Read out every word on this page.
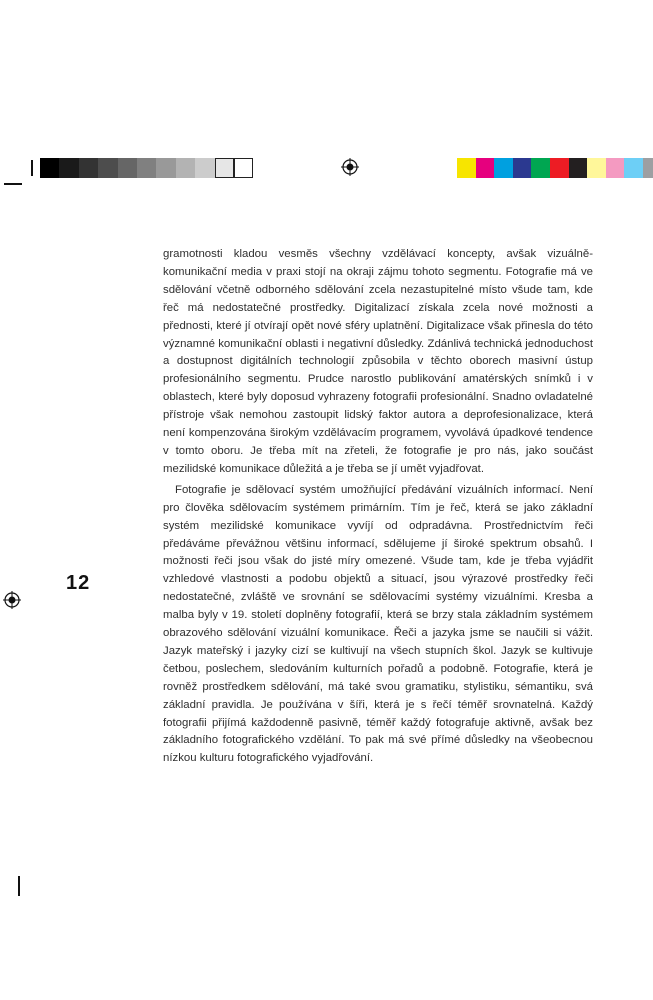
12

gramotnosti kladou vesměs všechny vzdělávací koncepty, avšak vizuálně-komunikační media v praxi stojí na okraji zájmu tohoto segmentu. Fotografie má ve sdělování včetně odborného sdělování zcela nezastupitelné místo všude tam, kde řeč má nedostatečné prostředky. Digitalizací získala zcela nové možnosti a přednosti, které jí otvírají opět nové sféry uplatnění. Digitalizace však přinesla do této významné komunikační oblasti i negativní důsledky. Zdánlivá technická jednoduchost a dostupnost digitálních technologií způsobila v těchto oborech masivní ústup profesionálního segmentu. Prudce narostlo publikování amatérských snímků i v oblastech, které byly doposud vyhrazeny fotografii profesionální. Snadno ovladatelné přístroje však nemohou zastoupit lidský faktor autora a deprofesionalizace, která není kompenzována širokým vzdělávacím programem, vyvolává úpadkové tendence v tomto oboru. Je třeba mít na zřeteli, že fotografie je pro nás, jako součást mezilidské komunikace důležitá a je třeba se jí umět vyjadřovat.

Fotografie je sdělovací systém umožňující předávání vizuálních informací. Není pro člověka sdělovacím systémem primárním. Tím je řeč, která se jako základní systém mezilidské komunikace vyvíjí od odpradávna. Prostřednictvím řeči předáváme převážnou většinu informací, sdělujeme jí široké spektrum obsahů. I možnosti řeči jsou však do jisté míry omezené. Všude tam, kde je třeba vyjádřit vzhledové vlastnosti a podobu objektů a situací, jsou výrazové prostředky řeči nedostatečné, zvláště ve srovnání se sdělovacími systémy vizuálními. Kresba a malba byly v 19. století doplněny fotografií, která se brzy stala základním systémem obrazového sdělování vizuální komunikace. Řeči a jazyka jsme se naučili si vážit. Jazyk mateřský i jazyky cizí se kultivují na všech stupních škol. Jazyk se kultivuje četbou, poslechem, sledováním kulturních pořadů a podobně. Fotografie, která je rovněž prostředkem sdělování, má také svou gramatiku, stylistiku, sémantiku, svá základní pravidla. Je používána v šíři, která je s řečí téměř srovnatelná. Každý fotografii přijímá každodenně pasivně, téměř každý fotografuje aktivně, avšak bez základního fotografického vzdělání. To pak má své přímé důsledky na všeobecnou nízkou kulturu fotografického vyjadřování.
